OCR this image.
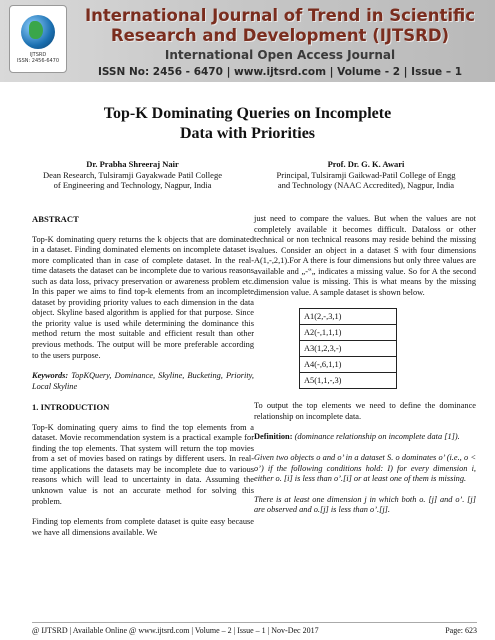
IJTSRD
ISSN: 2456-6470
International Journal of Trend in Scientific
Research and Development (IJTSRD)
International Open Access Journal
ISSN No: 2456 - 6470 | www.ijtsrd.com | Volume - 2 | Issue – 1
Top-K Dominating Queries on Incomplete
Data with Priorities
Dr. Prabha Shreeraj Nair
Dean Research, Tulsiramji Gayakwade Patil College
of Engineering and Technology, Nagpur, India
Prof. Dr. G. K. Awari
Principal, Tulsiramji Gaikwad-Patil College of Engg
and Technology (NAAC Accredited), Nagpur, India
ABSTRACT

Top-K dominating query returns the k objects that are dominated in a dataset. Finding dominated elements on incomplete dataset is more complicated than in case of complete dataset. In the real- time datasets the dataset can be incomplete due to various reasons such as data loss, privacy preservation or awareness problem etc. In this paper we aims to find top-k elements from an incomplete dataset by providing priority values to each dimension in the data object. Skyline based algorithm is applied for that purpose. Since the priority value is used while determining the dominance this method return the most suitable and efficient result than other previous methods. The output will be more preferable according to the users purpose.

Keywords: TopKQuery, Dominance, Skyline, Bucketing, Priority, Local Skyline

1. INTRODUCTION

Top-K dominating query aims to find the top elements from a dataset. Movie recommendation system is a practical example for finding the top elements. That system will return the top movies from a set of movies based on ratings by different users. In real-time applications the datasets may be incomplete due to various reasons which will lead to uncertainty in data. Assuming the unknown value is not an accurate method for solving this problem.

Finding top elements from complete dataset is quite easy because we have all dimensions available. We

just need to compare the values. But when the values are not completely available it becomes difficult. Dataloss or other technical or non technical reasons may reside behind the missing values. Consider an object in a dataset S with four dimensions A(1,-,2,1).For A there is four dimensions but only three values are available and „-‟„ indicates a missing value. So for A the second dimension value is missing. This is what means by the missing dimension value. A sample dataset is shown below.

A1(2,-,3,1)
A2(-,1,1,1)
A3(1,2,3,-)
A4(-,6,1,1)
A5(1,1,-,3)

To output the top elements we need to define the dominance relationship on incomplete data.

Definition: (dominance relationship on incomplete data [1]).

Given two objects o and o’ in a dataset S. o dominates o’ (i.e., o < o’) if the following conditions hold: I) for every dimension i, either o. [i] is less than o’.[i] or at least one of them is missing.

There is at least one dimension j in which both o. [j] and o’. [j] are observed and o.[j] is less than o’.[j].

@ IJTSRD | Available Online @ www.ijtsrd.com | Volume – 2 | Issue – 1 | Nov-Dec 2017	Page: 623
